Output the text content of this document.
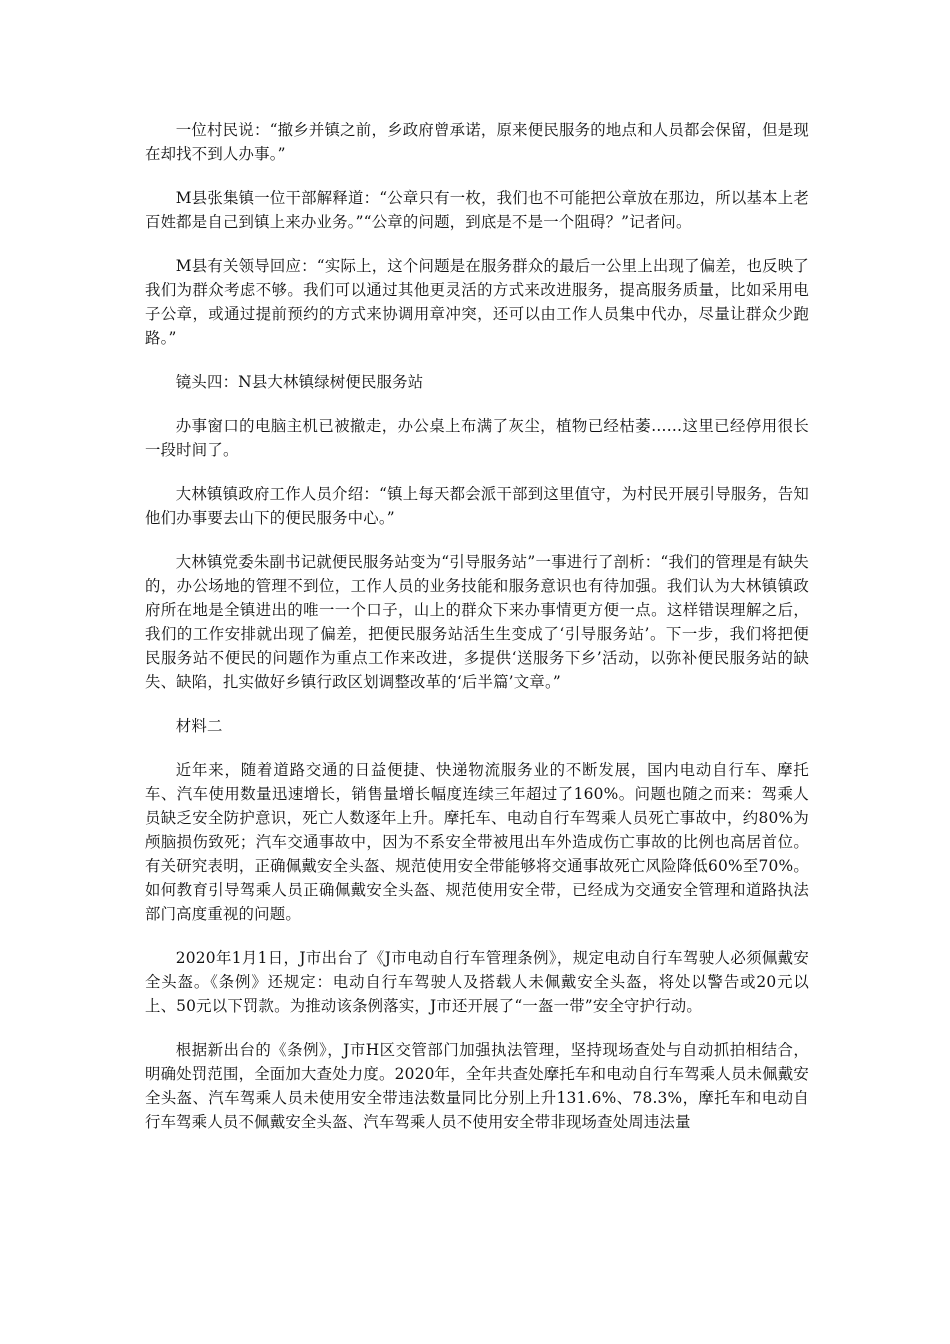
一位村民说：“撤乡并镇之前，乡政府曾承诺，原来便民服务的地点和人员都会保留，但是现在却找不到人办事。”

M县张集镇一位干部解释道：“公章只有一枚，我们也不可能把公章放在那边，所以基本上老百姓都是自己到镇上来办业务。”“公章的问题，到底是不是一个阻碍？”记者问。

M县有关领导回应：“实际上，这个问题是在服务群众的最后一公里上出现了偏差，也反映了我们为群众考虑不够。我们可以通过其他更灵活的方式来改进服务，提高服务质量，比如采用电子公章，或通过提前预约的方式来协调用章冲突，还可以由工作人员集中代办，尽量让群众少跑路。”

镜头四：N县大林镇绿树便民服务站

办事窗口的电脑主机已被撤走，办公桌上布满了灰尘，植物已经枯萎……这里已经停用很长一段时间了。

大林镇镇政府工作人员介绍：“镇上每天都会派干部到这里值守，为村民开展引导服务，告知他们办事要去山下的便民服务中心。”

大林镇党委朱副书记就便民服务站变为“引导服务站”一事进行了剖析：“我们的管理是有缺失的，办公场地的管理不到位，工作人员的业务技能和服务意识也有待加强。我们认为大林镇镇政府所在地是全镇进出的唯一一个口子，山上的群众下来办事情更方便一点。这样错误理解之后，我们的工作安排就出现了偏差，把便民服务站活生生变成了‘引导服务站’。下一步，我们将把便民服务站不便民的问题作为重点工作来改进，多提供‘送服务下乡’活动，以弥补便民服务站的缺失、缺陷，扎实做好乡镇行政区划调整改革的‘后半篇’文章。”

材料二

近年来，随着道路交通的日益便捷、快递物流服务业的不断发展，国内电动自行车、摩托车、汽车使用数量迅速增长，销售量增长幅度连续三年超过了160%。问题也随之而来：驾乘人员缺乏安全防护意识，死亡人数逐年上升。摩托车、电动自行车驾乘人员死亡事故中，约80%为颅脑损伤致死；汽车交通事故中，因为不系安全带被甩出车外造成伤亡事故的比例也高居首位。有关研究表明，正确佩戴安全头盔、规范使用安全带能够将交通事故死亡风险降低60%至70%。如何教育引导驾乘人员正确佩戴安全头盔、规范使用安全带，已经成为交通安全管理和道路执法部门高度重视的问题。

2020年1月1日，J市出台了《J市电动自行车管理条例》，规定电动自行车驾驶人必须佩戴安全头盔。《条例》还规定：电动自行车驾驶人及搭载人未佩戴安全头盔，将处以警告或20元以上、50元以下罚款。为推动该条例落实，J市还开展了“一盔一带”安全守护行动。

根据新出台的《条例》，J市H区交管部门加强执法管理，坚持现场查处与自动抓拍相结合，明确处罚范围，全面加大查处力度。2020年，全年共查处摩托车和电动自行车驾乘人员未佩戴安全头盔、汽车驾乘人员未使用安全带违法数量同比分别上升131.6%、78.3%，摩托车和电动自行车驾乘人员不佩戴安全头盔、汽车驾乘人员不使用安全带非现场查处周违法量
